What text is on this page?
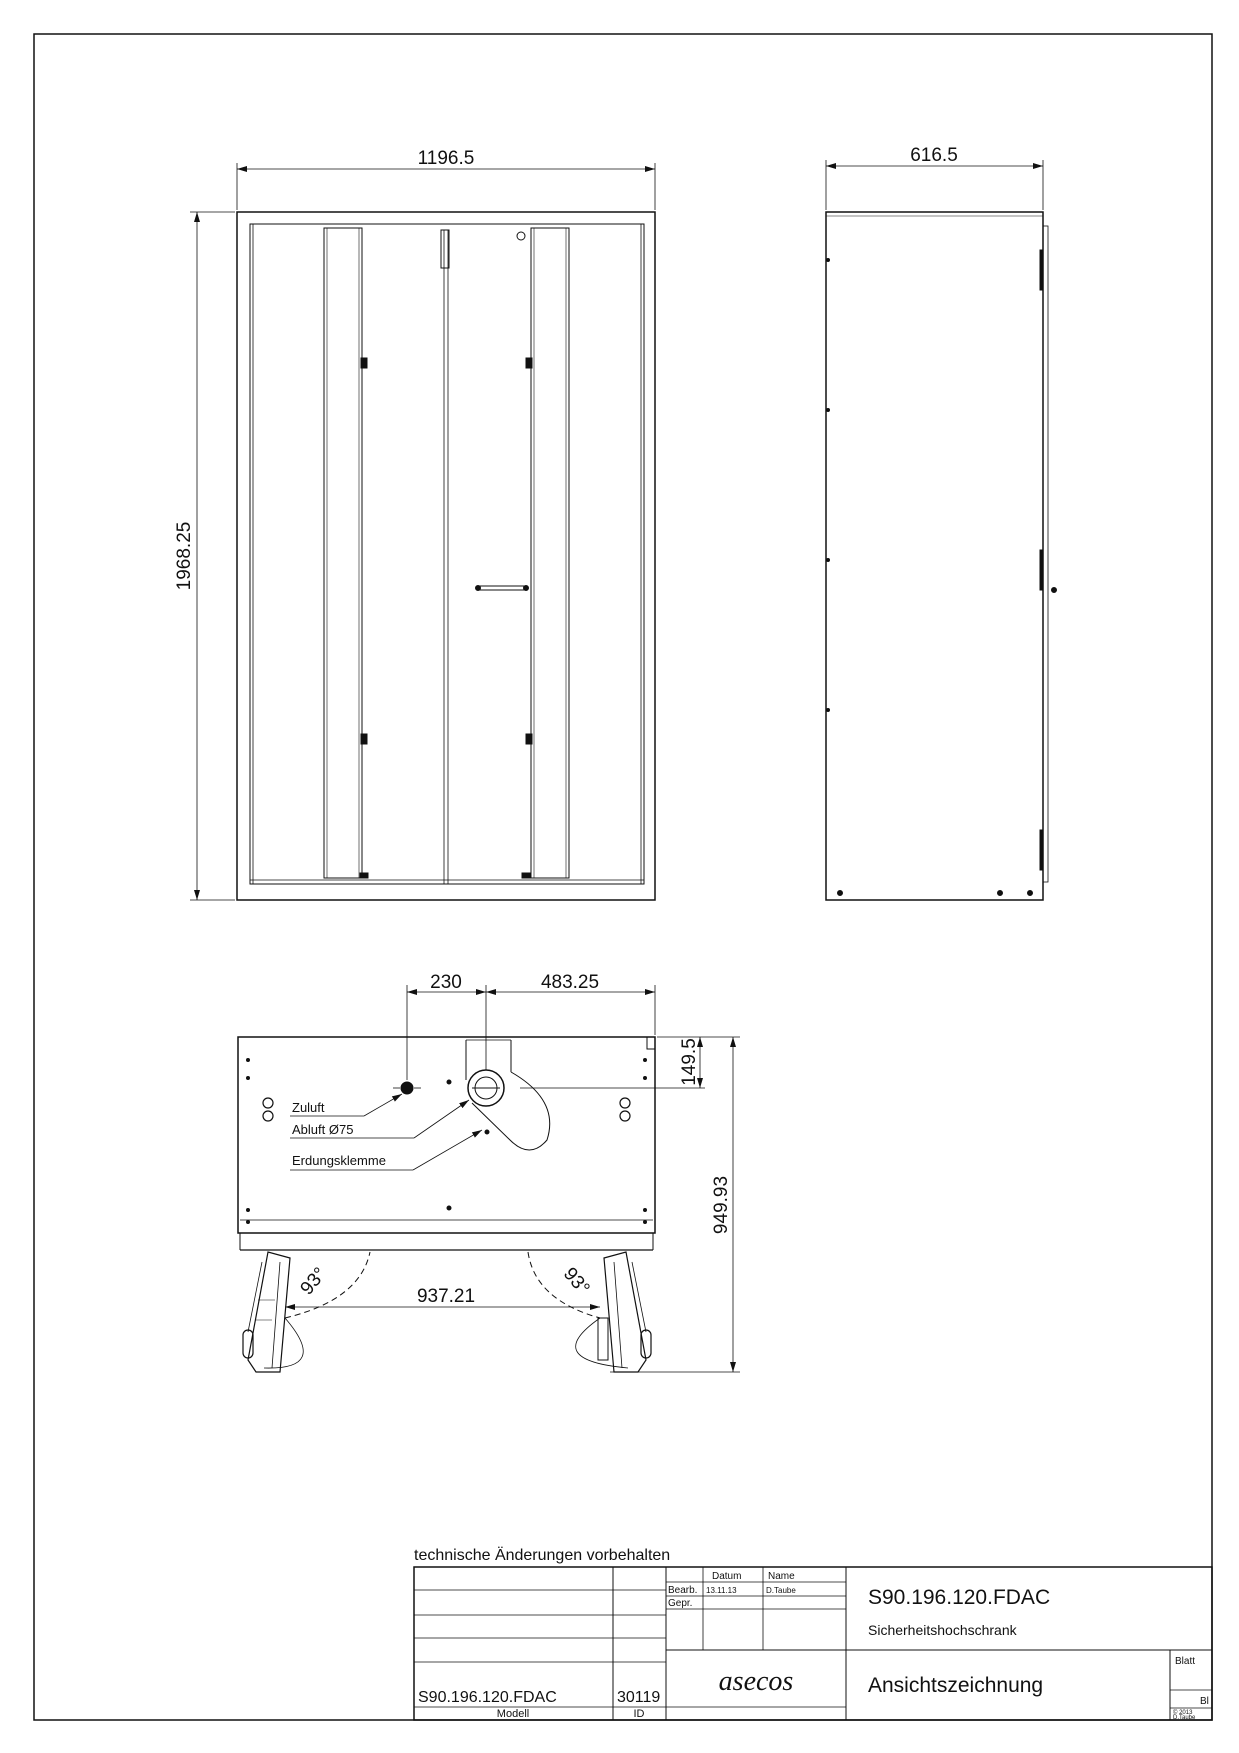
1196.5
1968.25
616.5
Zuluft
Abluft Ø75
Erdungsklemme
230	483.25
149.5
949.93
937.21
93°	93°
technische Änderungen vorbehalten
Datum	Name
Bearb. 13.11.13	D.Taube
Gepr.	S90.196.120.FDAC
Sicherheitshochschrank
asecos	Ansichtszeichnung
Blatt
Bl
© 2013
D.Taube
S90.196.120.FDAC	30119
Modell	ID
